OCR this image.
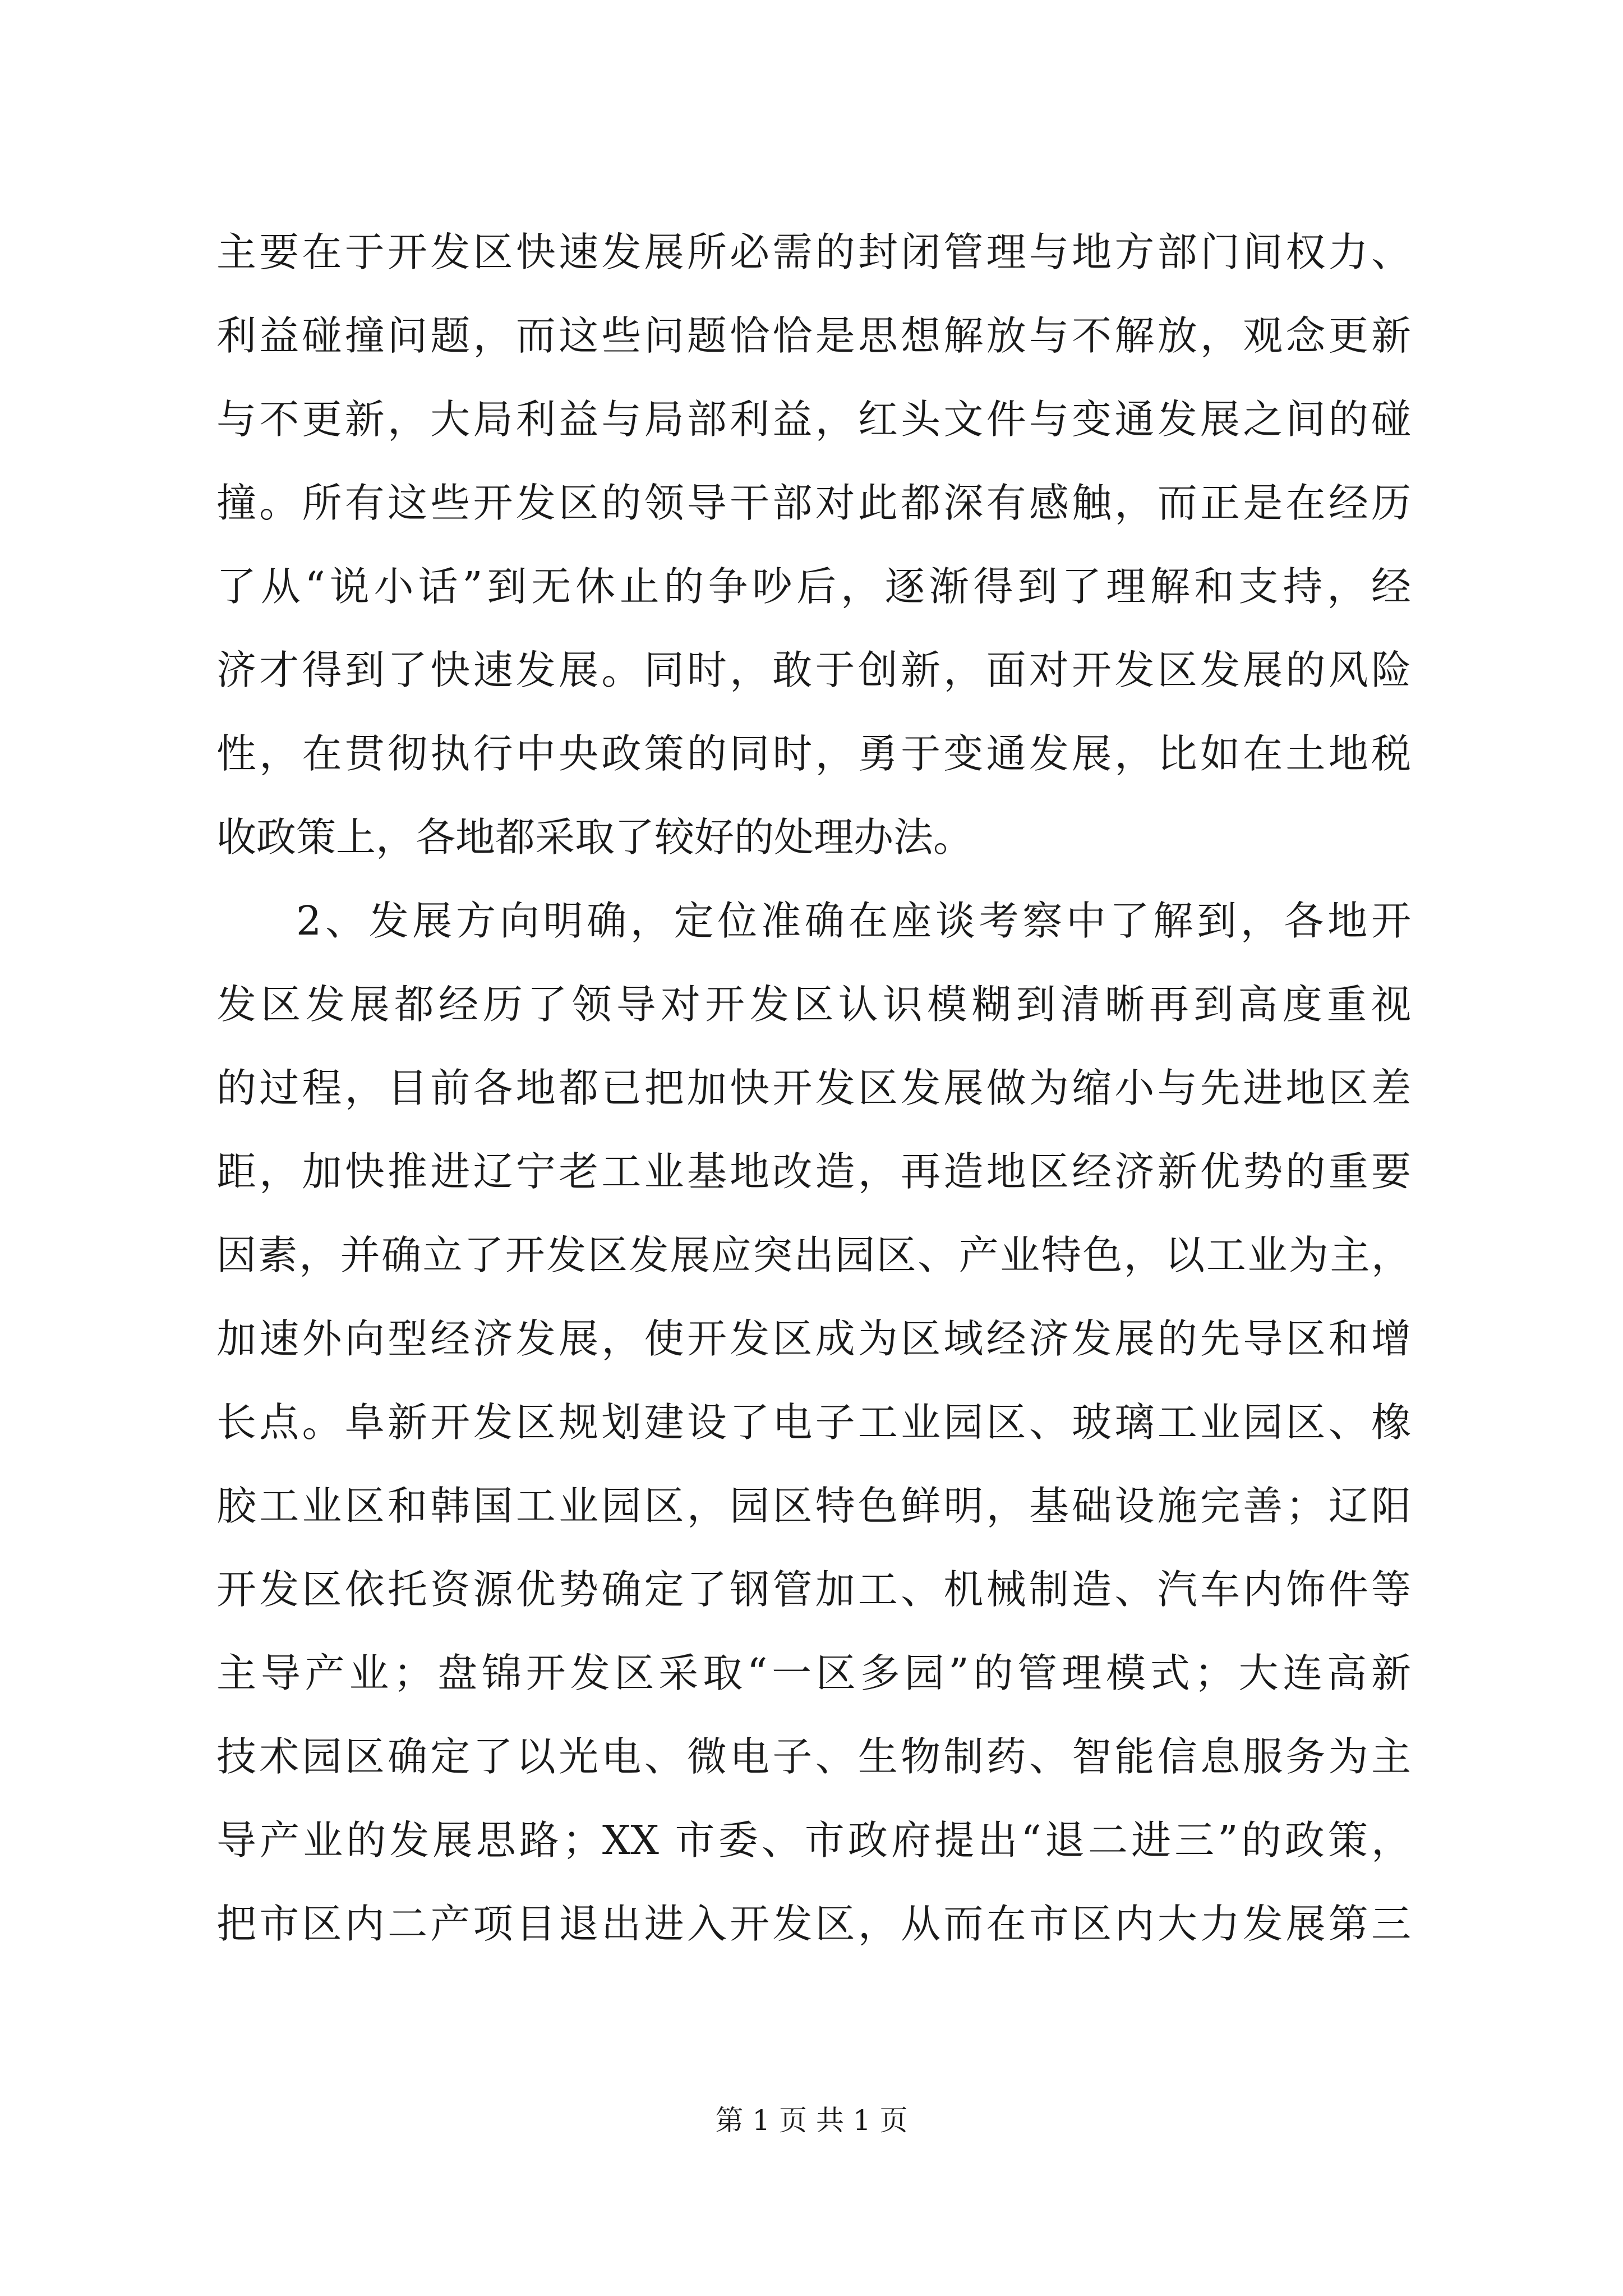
主要在于开发区快速发展所必需的封闭管理与地方部门间权力、
利益碰撞问题，而这些问题恰恰是思想解放与不解放，观念更新
与不更新，大局利益与局部利益，红头文件与变通发展之间的碰
撞。所有这些开发区的领导干部对此都深有感触，而正是在经历
了从“说小话”到无休止的争吵后，逐渐得到了理解和支持，经
济才得到了快速发展。同时，敢于创新，面对开发区发展的风险
性，在贯彻执行中央政策的同时，勇于变通发展，比如在土地税
收政策上，各地都采取了较好的处理办法。
2、发展方向明确，定位准确在座谈考察中了解到，各地开
发区发展都经历了领导对开发区认识模糊到清晰再到高度重视
的过程，目前各地都已把加快开发区发展做为缩小与先进地区差
距，加快推进辽宁老工业基地改造，再造地区经济新优势的重要
因素，并确立了开发区发展应突出园区、产业特色，以工业为主，
加速外向型经济发展，使开发区成为区域经济发展的先导区和增
长点。阜新开发区规划建设了电子工业园区、玻璃工业园区、橡
胶工业区和韩国工业园区，园区特色鲜明，基础设施完善；辽阳
开发区依托资源优势确定了钢管加工、机械制造、汽车内饰件等
主导产业；盘锦开发区采取“一区多园”的管理模式；大连高新
技术园区确定了以光电、微电子、生物制药、智能信息服务为主
导产业的发展思路；XX 市委、市政府提出“退二进三”的政策，
把市区内二产项目退出进入开发区，从而在市区内大力发展第三
第 1 页 共 1 页
